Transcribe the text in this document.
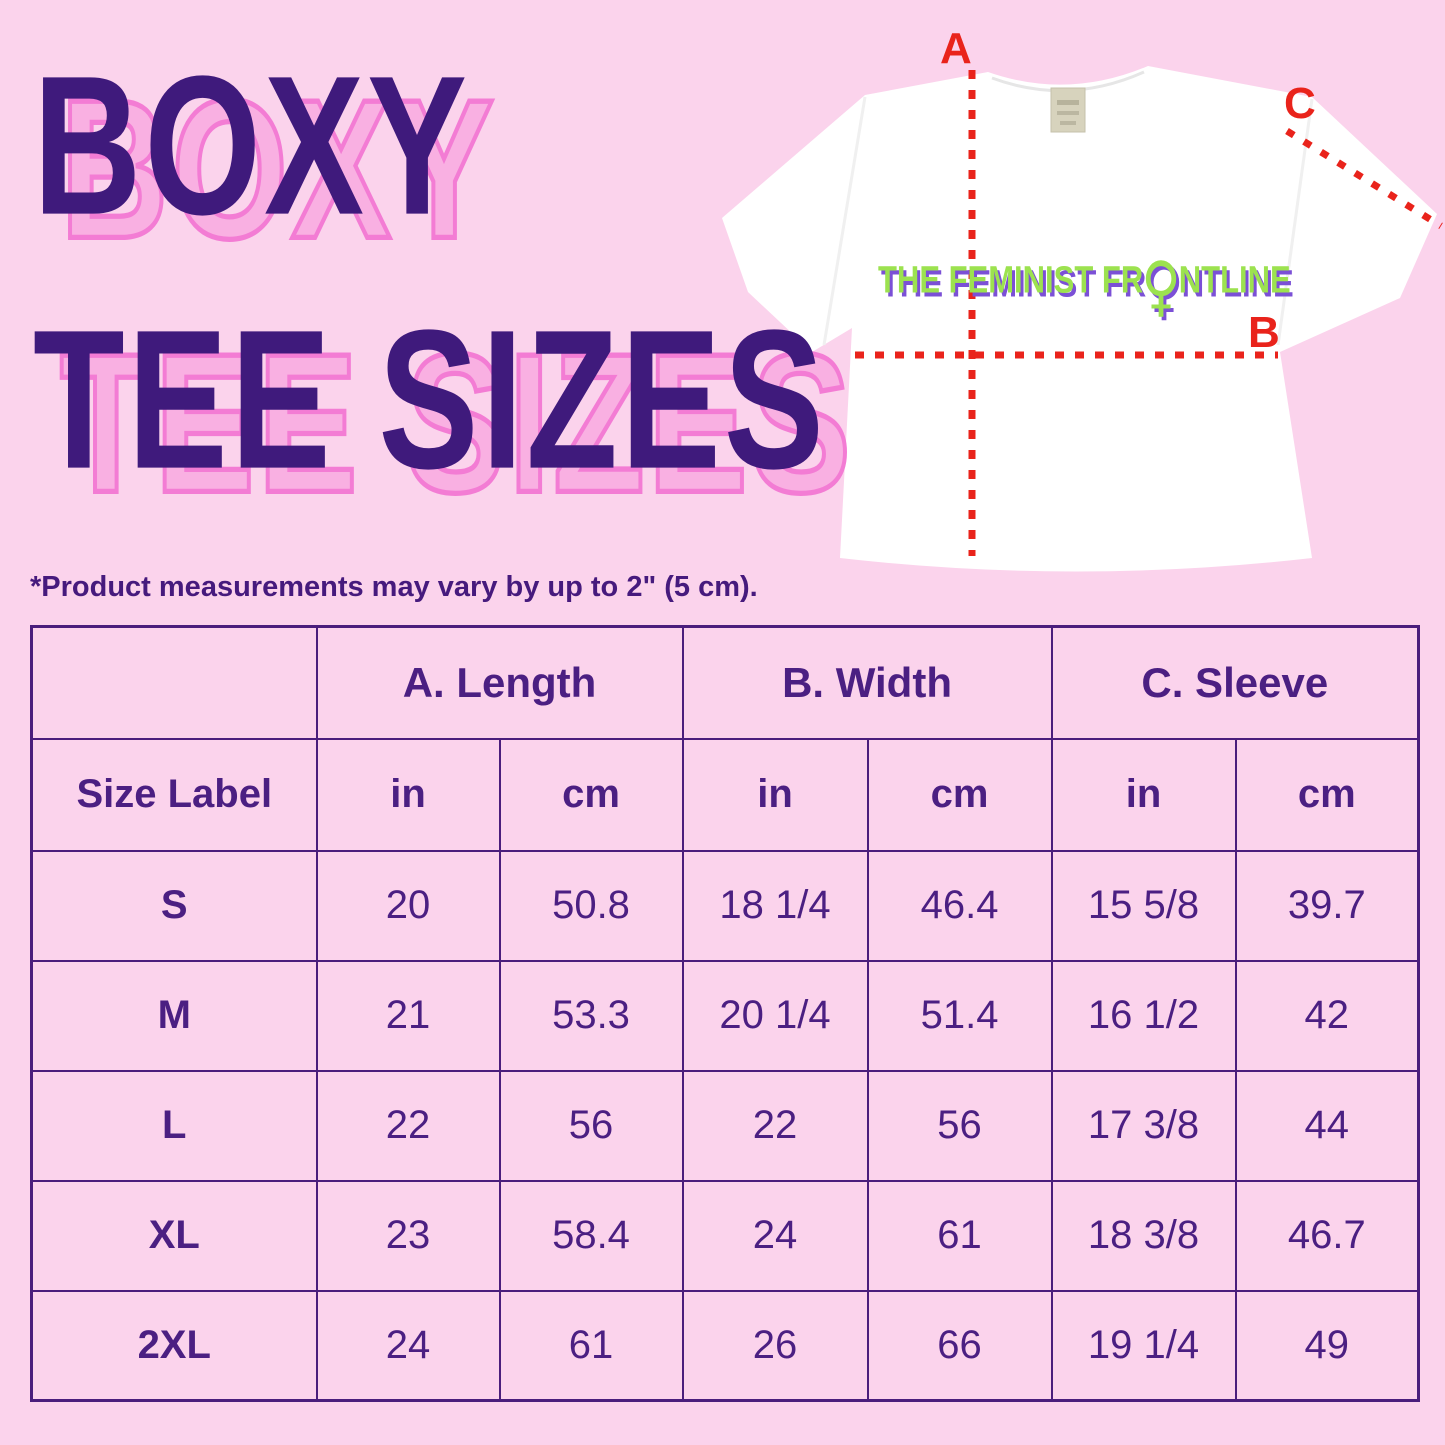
A
B
C
THE FEMINIST FR♀NTLINE
BOXY BOXY
TEE SIZES TEE SIZES

*Product measurements may vary by up to 2" (5 cm).

	A. Length		B. Width		C. Sleeve	
Size Label	in	cm	in	cm	in	cm
S	20	50.8	18 1/4	46.4	15 5/8	39.7
M	21	53.3	20 1/4	51.4	16 1/2	42
L	22	56	22	56	17 3/8	44
XL	23	58.4	24	61	18 3/8	46.7
2XL	24	61	26	66	19 1/4	49
